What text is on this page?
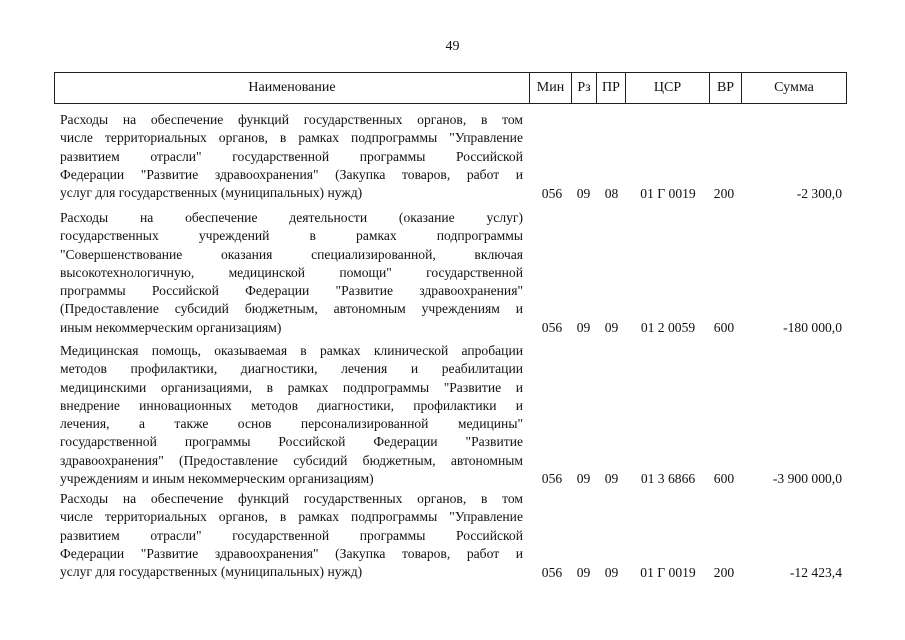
49
Наименование	Мин Рз ПР	ЦСР	ВР	Сумма
Расходы на обеспечение функций государственных органов, в том
числе территориальных органов, в рамках подпрограммы "Управление
развитием отрасли" государственной программы Российской
Федерации "Развитие здравоохранения" (Закупка товаров, работ и
услуг для государственных (муниципальных) нужд)	056	09	08	01 Г 0019	200	-2 300,0
Расходы на обеспечение деятельности (оказание услуг)
государственных учреждений в рамках подпрограммы
"Совершенствование оказания специализированной, включая
высокотехнологичную, медицинской помощи" государственной
программы Российской Федерации "Развитие здравоохранения"
(Предоставление субсидий бюджетным, автономным учреждениям и
иным некоммерческим организациям)	056	09	09	01 2 0059	600	-180 000,0
Медицинская помощь, оказываемая в рамках клинической апробации
методов профилактики, диагностики, лечения и реабилитации
медицинскими организациями, в рамках подпрограммы "Развитие и
внедрение инновационных методов диагностики, профилактики и
лечения, а также основ персонализированной медицины"
государственной программы Российской Федерации "Развитие
здравоохранения" (Предоставление субсидий бюджетным, автономным
учреждениям и иным некоммерческим организациям)	056	09	09	01 3 6866	600	-3 900 000,0
Расходы на обеспечение функций государственных органов, в том
числе территориальных органов, в рамках подпрограммы "Управление
развитием отрасли" государственной программы Российской
Федерации "Развитие здравоохранения" (Закупка товаров, работ и
услуг для государственных (муниципальных) нужд)	056	09	09	01 Г 0019	200	-12 423,4
